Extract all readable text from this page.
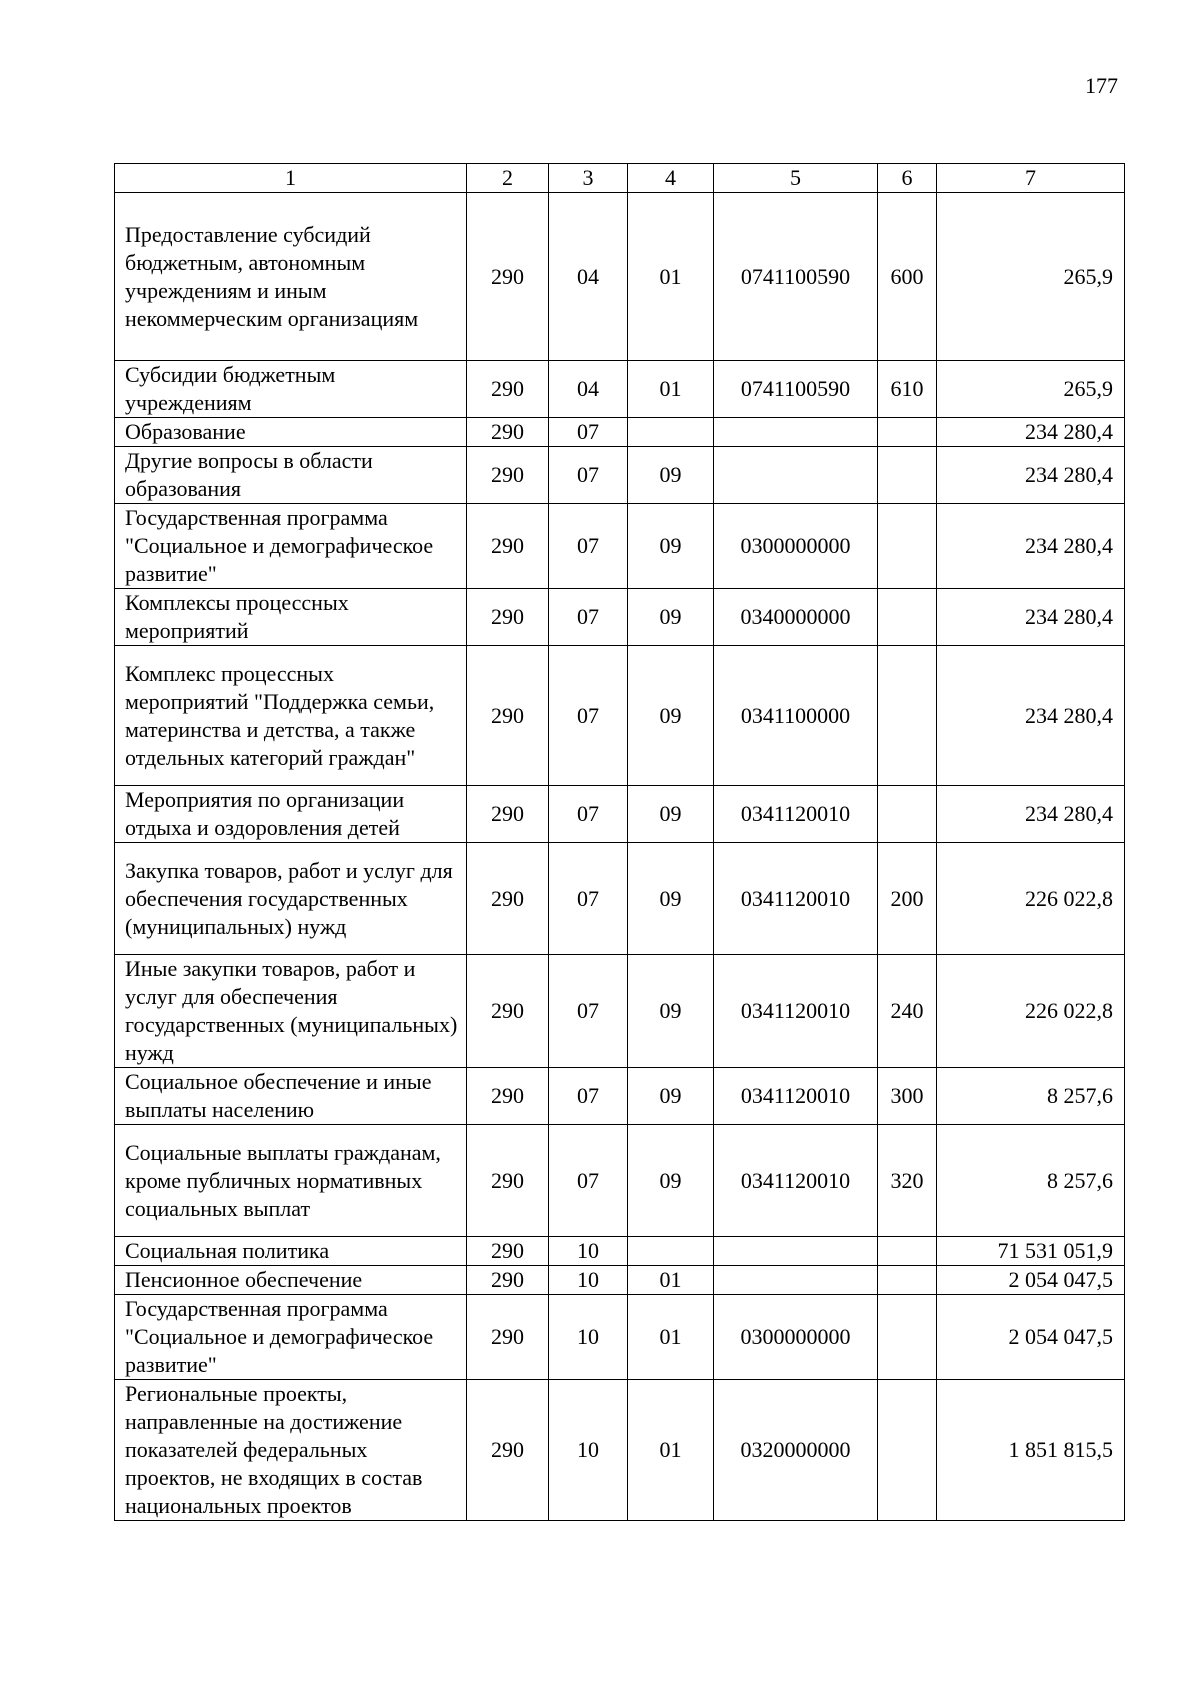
177
1	2	3	4	5	6	7
Предоставление субсидий бюджетным, автономным учреждениям и иным некоммерческим организациям	290	04	01	0741100590	600	265,9
Субсидии бюджетным учреждениям	290	04	01	0741100590	610	265,9
Образование	290	07				234 280,4
Другие вопросы в области образования	290	07	09			234 280,4
Государственная программа "Социальное и демографическое развитие"	290	07	09	0300000000		234 280,4
Комплексы процессных мероприятий	290	07	09	0340000000		234 280,4
Комплекс процессных мероприятий "Поддержка семьи, материнства и детства, а также отдельных категорий граждан"	290	07	09	0341100000		234 280,4
Мероприятия по организации отдыха и оздоровления детей	290	07	09	0341120010		234 280,4
Закупка товаров, работ и услуг для обеспечения государственных (муниципальных) нужд	290	07	09	0341120010	200	226 022,8
Иные закупки товаров, работ и услуг для обеспечения государственных (муниципальных) нужд	290	07	09	0341120010	240	226 022,8
Социальное обеспечение и иные выплаты населению	290	07	09	0341120010	300	8 257,6
Социальные выплаты гражданам, кроме публичных нормативных социальных выплат	290	07	09	0341120010	320	8 257,6
Социальная политика	290	10				71 531 051,9
Пенсионное обеспечение	290	10	01			2 054 047,5
Государственная программа "Социальное и демографическое развитие"	290	10	01	0300000000		2 054 047,5
Региональные проекты, направленные на достижение показателей федеральных проектов, не входящих в состав национальных проектов	290	10	01	0320000000		1 851 815,5
